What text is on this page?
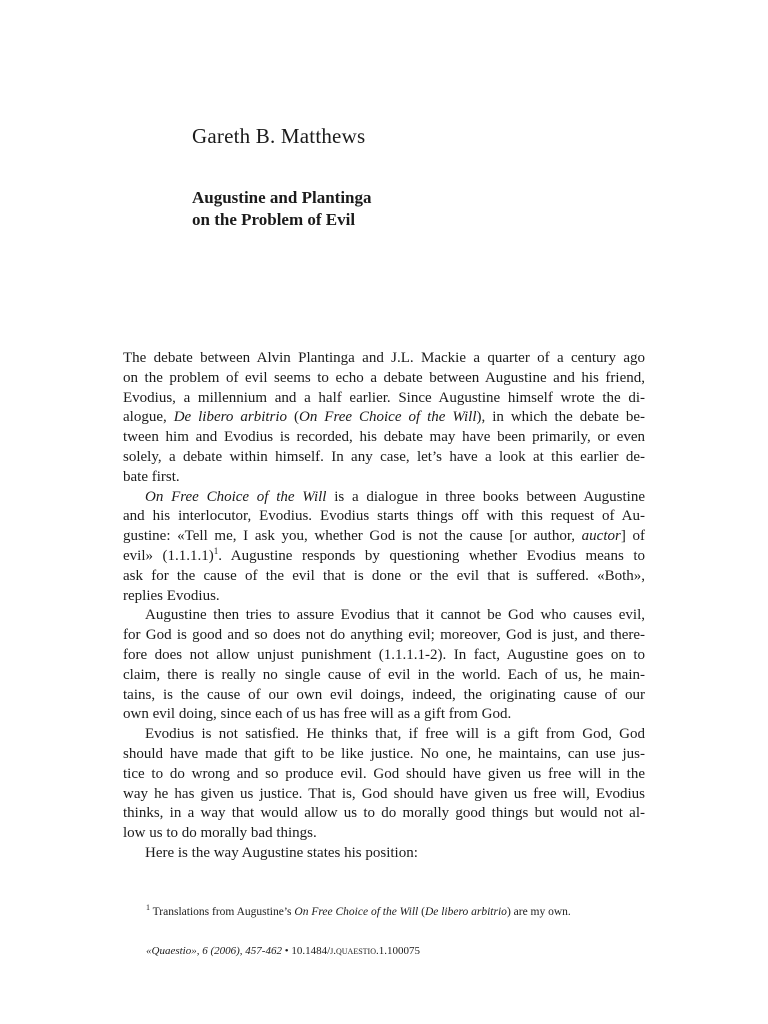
Gareth B. Matthews
Augustine and Plantinga
on the Problem of Evil
The debate between Alvin Plantinga and J.L. Mackie a quarter of a century ago
on the problem of evil seems to echo a debate between Augustine and his friend,
Evodius, a millennium and a half earlier. Since Augustine himself wrote the di-
alogue, De libero arbitrio (On Free Choice of the Will), in which the debate be-
tween him and Evodius is recorded, his debate may have been primarily, or even
solely, a debate within himself. In any case, let’s have a look at this earlier de-
bate first.
On Free Choice of the Will is a dialogue in three books between Augustine
and his interlocutor, Evodius. Evodius starts things off with this request of Au-
gustine: «Tell me, I ask you, whether God is not the cause [or author, auctor] of
evil» (1.1.1.1)$^1$. Augustine responds by questioning whether Evodius means to
ask for the cause of the evil that is done or the evil that is suffered. «Both»,
replies Evodius.
Augustine then tries to assure Evodius that it cannot be God who causes evil,
for God is good and so does not do anything evil; moreover, God is just, and there-
fore does not allow unjust punishment (1.1.1.1-2). In fact, Augustine goes on to
claim, there is really no single cause of evil in the world. Each of us, he main-
tains, is the cause of our own evil doings, indeed, the originating cause of our
own evil doing, since each of us has free will as a gift from God.
Evodius is not satisfied. He thinks that, if free will is a gift from God, God
should have made that gift to be like justice. No one, he maintains, can use jus-
tice to do wrong and so produce evil. God should have given us free will in the
way he has given us justice. That is, God should have given us free will, Evodius
thinks, in a way that would allow us to do morally good things but would not al-
low us to do morally bad things.
Here is the way Augustine states his position:

$^1$ Translations from Augustine’s On Free Choice of the Will (De libero arbitrio) are my own.

«Quaestio», 6 (2006), 457-462 • 10.1484/j.quaestio.1.100075
